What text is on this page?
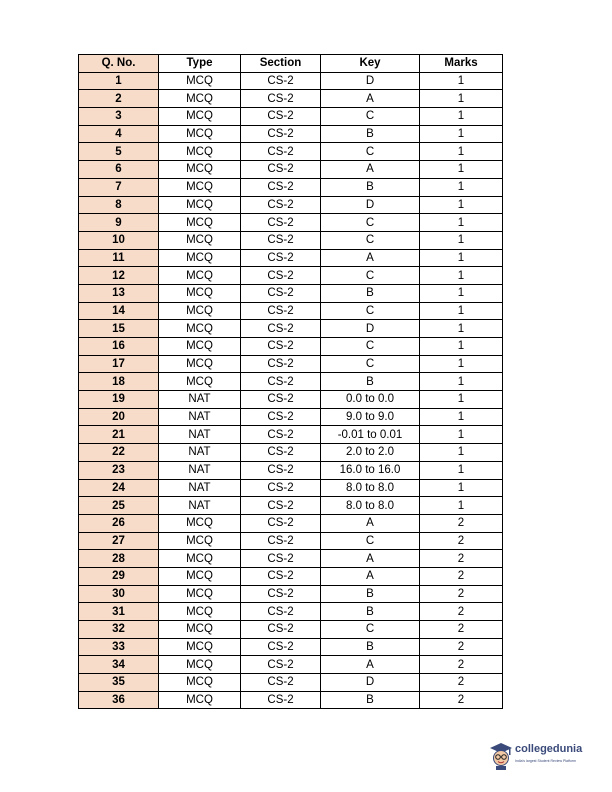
Q. No.	Type	Section	Key	Marks
1	MCQ	CS-2	D	1
2	MCQ	CS-2	A	1
3	MCQ	CS-2	C	1
4	MCQ	CS-2	B	1
5	MCQ	CS-2	C	1
6	MCQ	CS-2	A	1
7	MCQ	CS-2	B	1
8	MCQ	CS-2	D	1
9	MCQ	CS-2	C	1
10	MCQ	CS-2	C	1
11	MCQ	CS-2	A	1
12	MCQ	CS-2	C	1
13	MCQ	CS-2	B	1
14	MCQ	CS-2	C	1
15	MCQ	CS-2	D	1
16	MCQ	CS-2	C	1
17	MCQ	CS-2	C	1
18	MCQ	CS-2	B	1
19	NAT	CS-2	0.0 to 0.0	1
20	NAT	CS-2	9.0 to 9.0	1
21	NAT	CS-2	-0.01 to 0.01	1
22	NAT	CS-2	2.0 to 2.0	1
23	NAT	CS-2	16.0 to 16.0	1
24	NAT	CS-2	8.0 to 8.0	1
25	NAT	CS-2	8.0 to 8.0	1
26	MCQ	CS-2	A	2
27	MCQ	CS-2	C	2
28	MCQ	CS-2	A	2
29	MCQ	CS-2	A	2
30	MCQ	CS-2	B	2
31	MCQ	CS-2	B	2
32	MCQ	CS-2	C	2
33	MCQ	CS-2	B	2
34	MCQ	CS-2	A	2
35	MCQ	CS-2	D	2
36	MCQ	CS-2	B	2
collegedunia
India's largest Student Review Platform
